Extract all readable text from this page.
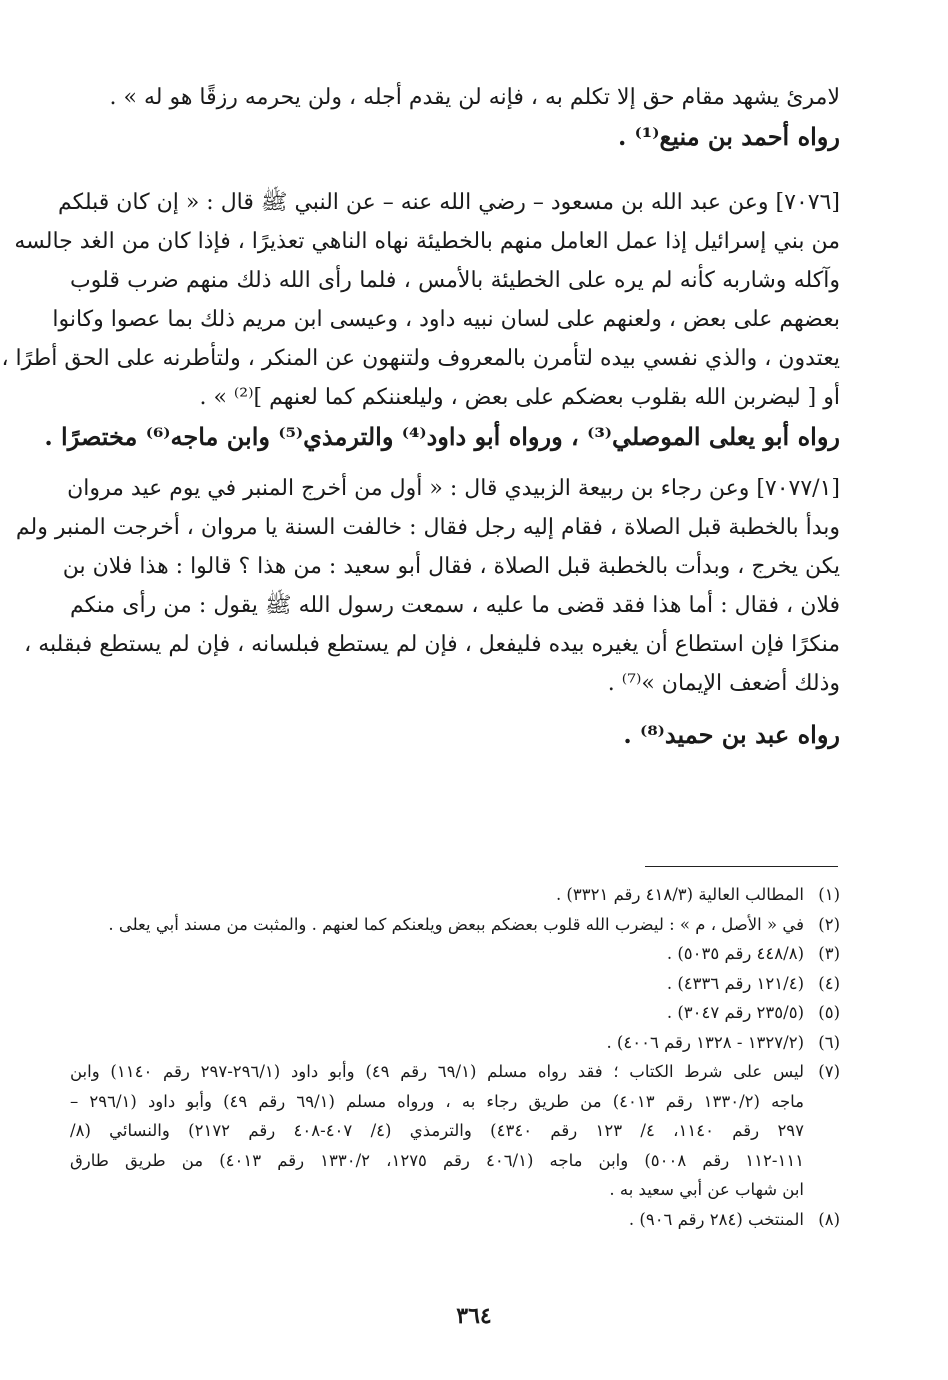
لامرئ يشهد مقام حق إلا تكلم به ، فإنه لن يقدم أجله ، ولن يحرمه رزقًا هو له » .
رواه أحمد بن منيع⁽¹⁾ .
[٧٠٧٦] وعن عبد الله بن مسعود – رضي الله عنه – عن النبي ﷺ قال : « إن كان قبلكم
من بني إسرائيل إذا عمل العامل منهم بالخطيئة نهاه الناهي تعذيرًا ، فإذا كان من الغد جالسه
وآكله وشاربه كأنه لم يره على الخطيئة بالأمس ، فلما رأى الله ذلك منهم ضرب قلوب
بعضهم على بعض ، ولعنهم على لسان نبيه داود ، وعيسى ابن مريم ذلك بما عصوا وكانوا
يعتدون ، والذي نفسي بيده لتأمرن بالمعروف ولتنهون عن المنكر ، ولتأطرنه على الحق أطرًا ،
أو [ ليضربن الله بقلوب بعضكم على بعض ، وليلعننكم كما لعنهم ]⁽²⁾ » .
رواه أبو يعلى الموصلي⁽³⁾ ، ورواه أبو داود⁽⁴⁾ والترمذي⁽⁵⁾ وابن ماجه⁽⁶⁾ مختصرًا .
[٧٠٧٧/١] وعن رجاء بن ربيعة الزبيدي قال : « أول من أخرج المنبر في يوم عيد مروان
وبدأ بالخطبة قبل الصلاة ، فقام إليه رجل فقال : خالفت السنة يا مروان ، أخرجت المنبر ولم
يكن يخرج ، وبدأت بالخطبة قبل الصلاة ، فقال أبو سعيد : من هذا ؟ قالوا : هذا فلان بن
فلان ، فقال : أما هذا فقد قضى ما عليه ، سمعت رسول الله ﷺ يقول : من رأى منكم
منكرًا فإن استطاع أن يغيره بيده فليفعل ، فإن لم يستطع فبلسانه ، فإن لم يستطع فبقلبه ،
وذلك أضعف الإيمان »⁽⁷⁾ .
رواه عبد بن حميد⁽⁸⁾ .
(١)
المطالب العالية (٤١٨/٣ رقم ٣٣٢١) .
(٢)
في « الأصل ، م » : ليضرب الله قلوب بعضكم ببعض ويلعنكم كما لعنهم . والمثبت من مسند أبي يعلى .
(٣)
(٤٤٨/٨ رقم ٥٠٣٥) .
(٤)
(١٢١/٤ رقم ٤٣٣٦) .
(٥)
(٢٣٥/٥ رقم ٣٠٤٧) .
(٦)
(١٣٢٧/٢ - ١٣٢٨ رقم ٤٠٠٦) .
(٧)
ليس على شرط الكتاب ؛ فقد رواه مسلم (٦٩/١ رقم ٤٩) وأبو داود (٢٩٦/١-٢٩٧ رقم ١١٤٠) وابن
ماجه (١٣٣٠/٢ رقم ٤٠١٣) من طريق رجاء به ، ورواه مسلم (٦٩/١ رقم ٤٩) وأبو داود (٢٩٦/١ –
٢٩٧ رقم ١١٤٠، ٤/ ١٢٣ رقم ٤٣٤٠) والترمذي (٤/ ٤٠٧-٤٠٨ رقم ٢١٧٢) والنسائي (٨/
١١١-١١٢ رقم ٥٠٠٨) وابن ماجه (٤٠٦/١ رقم ١٢٧٥، ١٣٣٠/٢ رقم ٤٠١٣) من طريق طارق
ابن شهاب عن أبي سعيد به .
(٨)
المنتخب (٢٨٤ رقم ٩٠٦) .
٣٦٤
